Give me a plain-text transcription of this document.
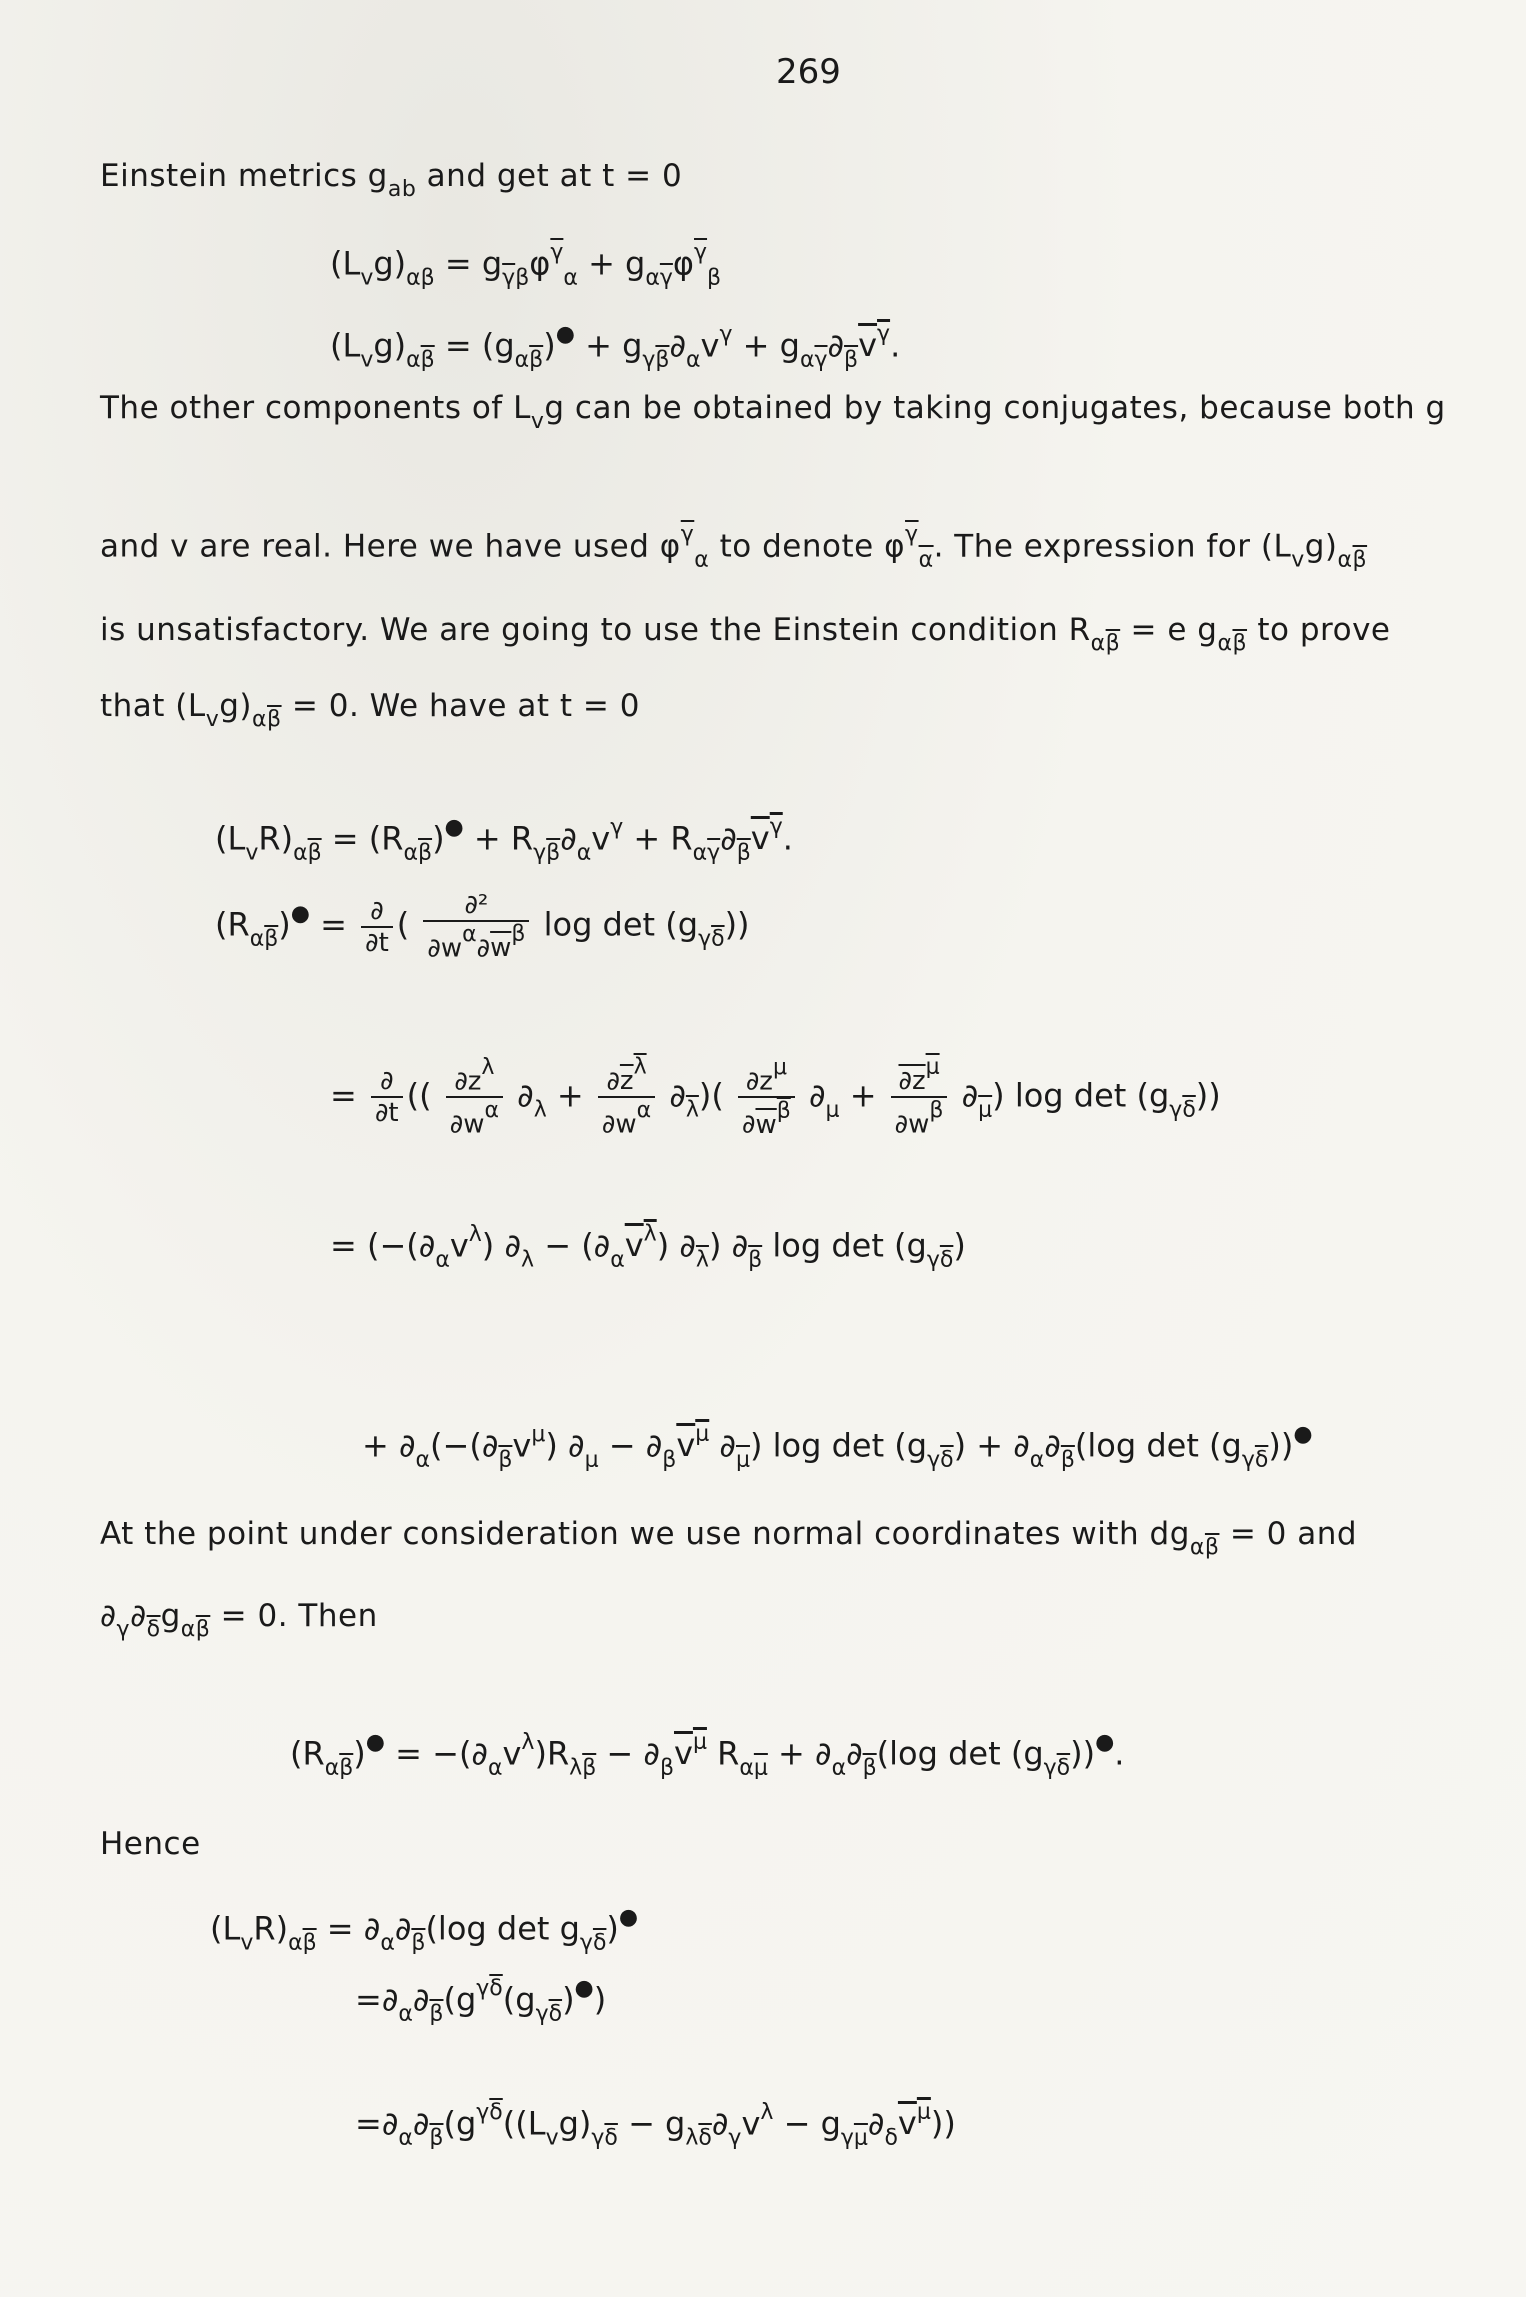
269
Einstein metrics $g_{ab}$ and get at t = 0
$(L_vg)_{\alpha\beta} = g_{\overline{\gamma}\beta}\varphi^{\overline{\gamma}}_\alpha + g_{\alpha\overline{\gamma}}\varphi^{\overline{\gamma}}_\beta$
$(L_vg)_{\alpha\overline{\beta}} = (g_{\alpha\overline{\beta}})^● + g_{\gamma\overline{\beta}}\partial_\alpha v^\gamma + g_{\alpha\overline{\gamma}}\partial_{\overline{\beta}}v^\gamma$.
The other components of $L_vg$ can be obtained by taking conjugates, because both g
and v are real. Here we have used $\varphi^{\overline{\gamma}}_\alpha$ to denote $\varphi^{\overline{\gamma}}_{\overline{\alpha}}$. The expression for $(L_vg)_{\alpha\overline{\beta}}$
is unsatisfactory. We are going to use the Einstein condition $R_{\alpha\overline{\beta}} = e$ $g_{\alpha\overline{\beta}}$ to prove
that $(L_vg)_{\alpha\overline{\beta}} = 0$. We have at t = 0
$(L_vR)_{\alpha\overline{\beta}} = (R_{\alpha\overline{\beta}})^● + R_{\gamma\overline{\beta}}\partial_\alpha v^\gamma + R_{\alpha\overline{\gamma}}\partial_{\overline{\beta}}v^\gamma$.
$(R_{\alpha\overline{\beta}})^● = \frac{\partial}{\partial t}$ ( $\frac{\text{∂²}}{\partial w^\alpha\partial w^\beta}$ $\log \det (g_{\gamma\overline{\delta}})$)
= $\frac{\partial}{\partial t}$ (( $\frac{\partial z^\lambda}{\partial w^\alpha} \partial_\lambda + \frac{\partial z^\lambda}{\partial w^\alpha} \partial_{\overline{\lambda}})( \frac{\partial z^\mu}{\partial w^\beta} \partial_\mu + \frac{\partial z^\mu}{\partial w^\beta} \partial_{\overline{\mu}})$ $\log \det (g_{\gamma\overline{\delta}})$)
= ($-(\partial_\alpha v^\lambda) \partial_\lambda - (\partial_\alpha v^\lambda)$ $\partial_{\overline{\lambda}}$) $\partial_{\overline{\beta}}$ $\log \det (g_{\gamma\overline{\delta}})$
+ $\partial_\alpha(-(\partial_{\overline{\beta}}v^\mu) \partial_\mu - \partial_\beta v^\mu$ $\partial_{\overline{\mu}}$) $\log \det (g_{\gamma\overline{\delta}}) + \partial_\alpha\partial_{\overline{\beta}}(\log$ $\det (g_{\gamma\overline{\delta}}))^●$
At the point under consideration we use normal coordinates with $dg_{\alpha\overline{\beta}} = 0$ and
$\partial_\gamma\partial_{\overline{\delta}}g_{\alpha\overline{\beta}} = 0$. Then
$(R_{\alpha\overline{\beta}})^● = -(\partial_\alpha v^\lambda)R_{\lambda\overline{\beta}} - \partial_\beta v^\mu$ $R_{\alpha\overline{\mu}} + \partial_\alpha\partial_{\overline{\beta}}(\log$ $\det (g_{\gamma\overline{\delta}}))^●$.
Hence
$(L_vR)_{\alpha\overline{\beta}} = \partial_\alpha\partial_{\overline{\beta}}(\log$ $\det g_{\gamma\overline{\delta}})^●$
$=\partial_\alpha\partial_{\overline{\beta}}(g^{\gamma\overline{\delta}}(g_{\gamma\overline{\delta}})^●)$
$=\partial_\alpha\partial_{\overline{\beta}}(g^{\gamma\overline{\delta}}((L_vg)_{\gamma\overline{\delta}} - g_{\lambda\overline{\delta}}\partial_\gamma v^\lambda - g_{\gamma\overline{\mu}}\partial_\delta v^\mu))$
